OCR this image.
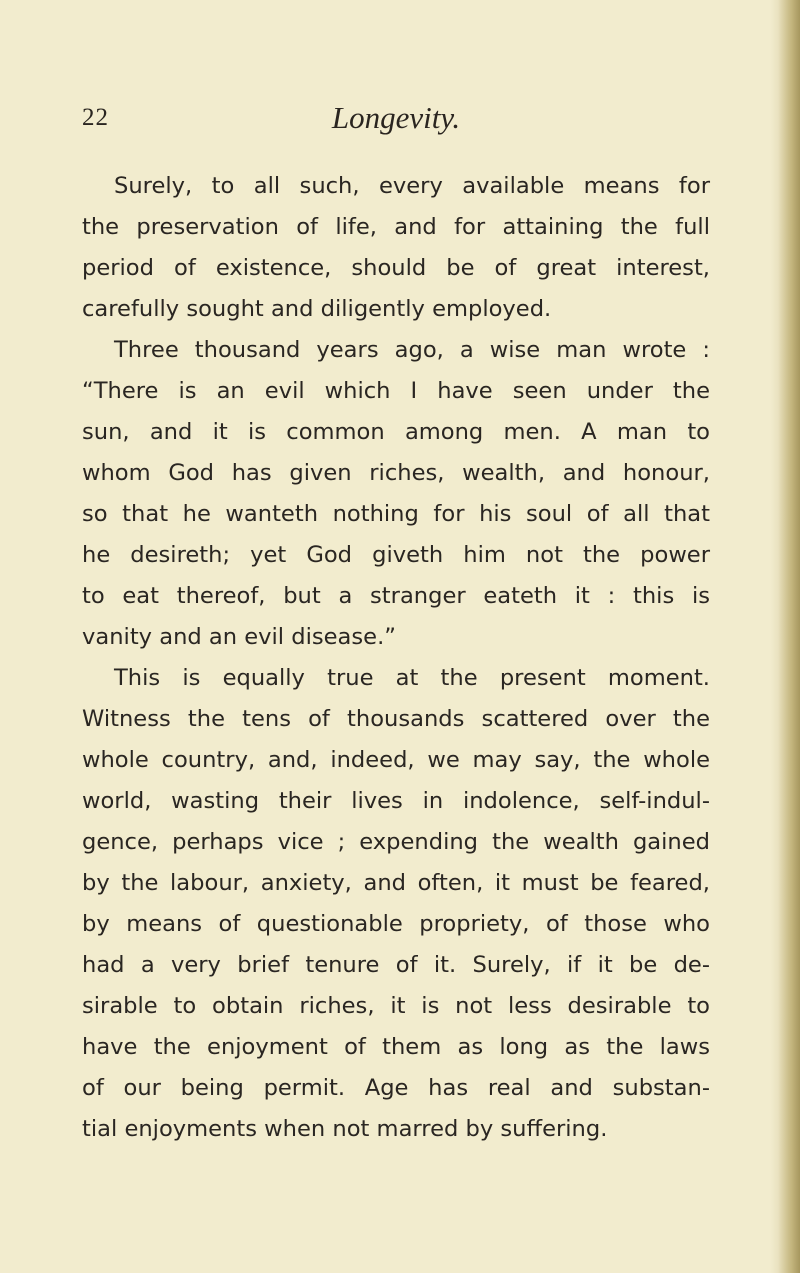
22	Longevity.
Surely, to all such, every available means for
the preservation of life, and for attaining the full
period of existence, should be of great interest,
carefully sought and diligently employed.
Three thousand years ago, a wise man wrote :
“There is an evil which I have seen under the
sun, and it is common among men. A man to
whom God has given riches, wealth, and honour,
so that he wanteth nothing for his soul of all that
he desireth; yet God giveth him not the power
to eat thereof, but a stranger eateth it : this is
vanity and an evil disease.”
This is equally true at the present moment.
Witness the tens of thousands scattered over the
whole country, and, indeed, we may say, the whole
world, wasting their lives in indolence, self-indul-
gence, perhaps vice ; expending the wealth gained
by the labour, anxiety, and often, it must be feared,
by means of questionable propriety, of those who
had a very brief tenure of it. Surely, if it be de-
sirable to obtain riches, it is not less desirable to
have the enjoyment of them as long as the laws
of our being permit. Age has real and substan-
tial enjoyments when not marred by suffering.
